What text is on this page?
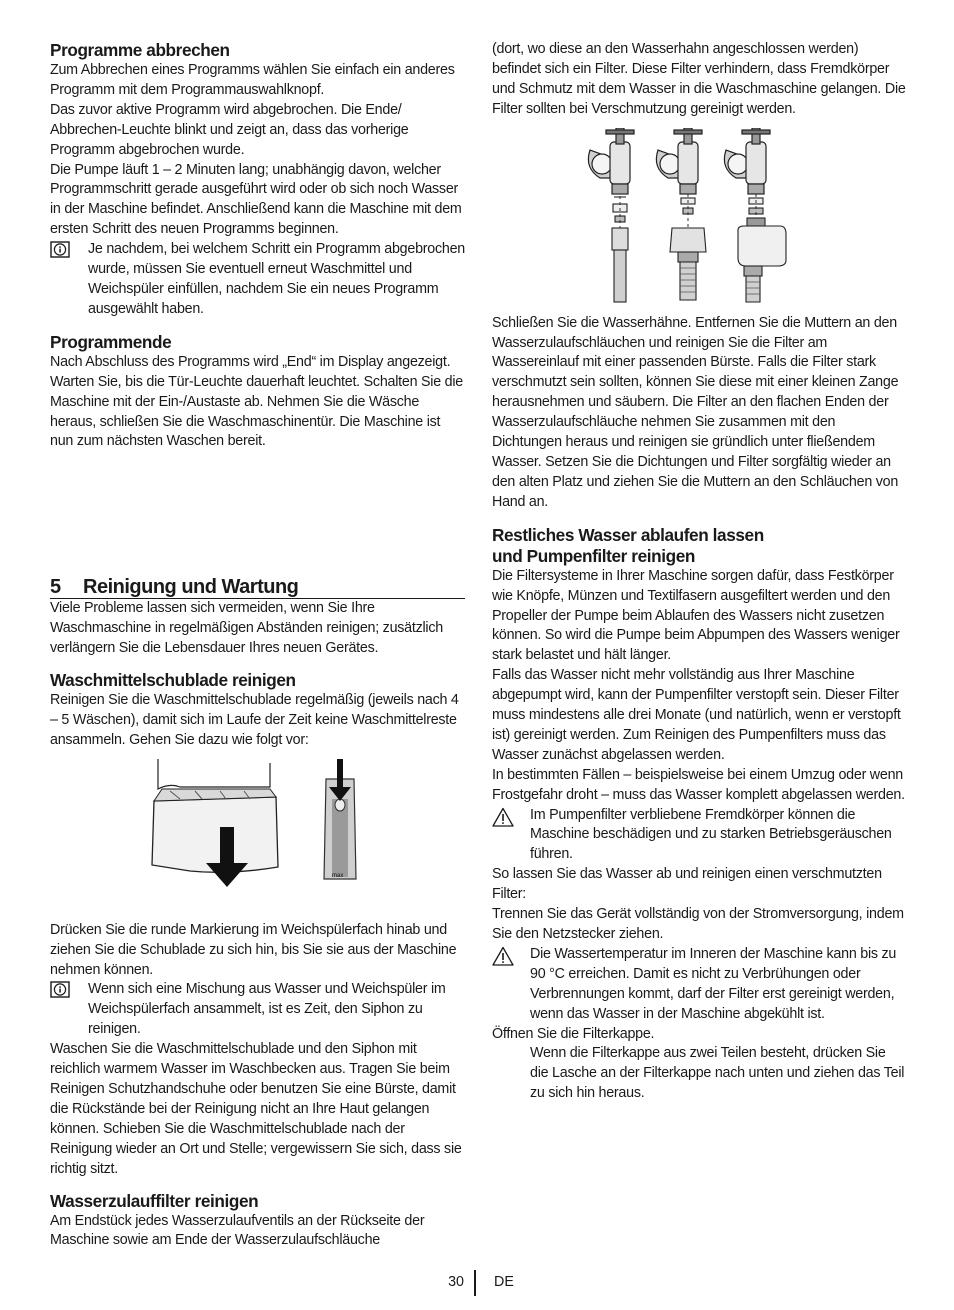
Programme abbrechen

Zum Abbrechen eines Programms wählen Sie einfach ein anderes Programm mit dem Programmauswahlknopf.

Das zuvor aktive Programm wird abgebrochen. Die Ende/ Abbrechen-Leuchte blinkt und zeigt an, dass das vorherige Programm abgebrochen wurde.

Die Pumpe läuft 1 – 2 Minuten lang; unabhängig davon, welcher Programmschritt gerade ausgeführt wird oder ob sich noch Wasser in der Maschine befindet. Anschließend kann die Maschine mit dem ersten Schritt des neuen Programms beginnen.

Je nachdem, bei welchem Schritt ein Programm abgebrochen wurde, müssen Sie eventuell erneut Waschmittel und Weichspüler einfüllen, nachdem Sie ein neues Programm ausgewählt haben.
Programmende

Nach Abschluss des Programms wird „End“ im Display angezeigt. Warten Sie, bis die Tür-Leuchte dauerhaft leuchtet. Schalten Sie die Maschine mit der Ein-/Austaste ab. Nehmen Sie die Wäsche heraus, schließen Sie die Waschmaschinentür. Die Maschine ist nun zum nächsten Waschen bereit.

5	Reinigung und Wartung

Viele Probleme lassen sich vermeiden, wenn Sie Ihre Waschmaschine in regelmäßigen Abständen reinigen; zusätzlich verlängern Sie die Lebensdauer Ihres neuen Gerätes.

Waschmittelschublade reinigen

Reinigen Sie die Waschmittelschublade regelmäßig (jeweils nach 4 – 5 Wäschen), damit sich im Laufe der Zeit keine Waschmittelreste ansammeln. Gehen Sie dazu wie folgt vor:

max

Drücken Sie die runde Markierung im Weichspülerfach hinab und ziehen Sie die Schublade zu sich hin, bis Sie sie aus der Maschine nehmen können.

Wenn sich eine Mischung aus Wasser und Weichspüler im Weichspülerfach ansammelt, ist es Zeit, den Siphon zu reinigen.

Waschen Sie die Waschmittelschublade und den Siphon mit reichlich warmem Wasser im Waschbecken aus. Tragen Sie beim Reinigen Schutzhandschuhe oder benutzen Sie eine Bürste, damit die Rückstände bei der Reinigung nicht an Ihre Haut gelangen können. Schieben Sie die Waschmittelschublade nach der Reinigung wieder an Ort und Stelle; vergewissern Sie sich, dass sie richtig sitzt.

Wasserzulauffilter reinigen

Am Endstück jedes Wasserzulaufventils an der Rückseite der Maschine sowie am Ende der Wasserzulaufschläuche

(dort, wo diese an den Wasserhahn angeschlossen werden) befindet sich ein Filter. Diese Filter verhindern, dass Fremdkörper und Schmutz mit dem Wasser in die Waschmaschine gelangen. Die Filter sollten bei Verschmutzung gereinigt werden.

Schließen Sie die Wasserhähne. Entfernen Sie die Muttern an den Wasserzulaufschläuchen und reinigen Sie die Filter am Wassereinlauf mit einer passenden Bürste. Falls die Filter stark verschmutzt sein sollten, können Sie diese mit einer kleinen Zange herausnehmen und säubern. Die Filter an den flachen Enden der Wasserzulaufschläuche nehmen Sie zusammen mit den Dichtungen heraus und reinigen sie gründlich unter fließendem Wasser. Setzen Sie die Dichtungen und Filter sorgfältig wieder an den alten Platz und ziehen Sie die Muttern an den Schläuchen von Hand an.

Restliches Wasser ablaufen lassen
und Pumpenfilter reinigen

Die Filtersysteme in Ihrer Maschine sorgen dafür, dass Festkörper wie Knöpfe, Münzen und Textilfasern ausgefiltert werden und den Propeller der Pumpe beim Ablaufen des Wassers nicht zusetzen können. So wird die Pumpe beim Abpumpen des Wassers weniger stark belastet und hält länger.

Falls das Wasser nicht mehr vollständig aus Ihrer Maschine abgepumpt wird, kann der Pumpenfilter verstopft sein. Dieser Filter muss mindestens alle drei Monate (und natürlich, wenn er verstopft ist) gereinigt werden. Zum Reinigen des Pumpenfilters muss das Wasser zunächst abgelassen werden.

In bestimmten Fällen – beispielsweise bei einem Umzug oder wenn Frostgefahr droht – muss das Wasser komplett abgelassen werden.

Im Pumpenfilter verbliebene Fremdkörper können die Maschine beschädigen und zu starken Betriebsgeräuschen führen.

So lassen Sie das Wasser ab und reinigen einen verschmutzten Filter:

Trennen Sie das Gerät vollständig von der Stromversorgung, indem Sie den Netzstecker ziehen.

Die Wassertemperatur im Inneren der Maschine kann bis zu 90 °C erreichen. Damit es nicht zu Verbrühungen oder Verbrennungen kommt, darf der Filter erst gereinigt werden, wenn das Wasser in der Maschine abgekühlt ist.

Öffnen Sie die Filterkappe.

Wenn die Filterkappe aus zwei Teilen besteht, drücken Sie die Lasche an der Filterkappe nach unten und ziehen das Teil zu sich hin heraus.
30 DE
